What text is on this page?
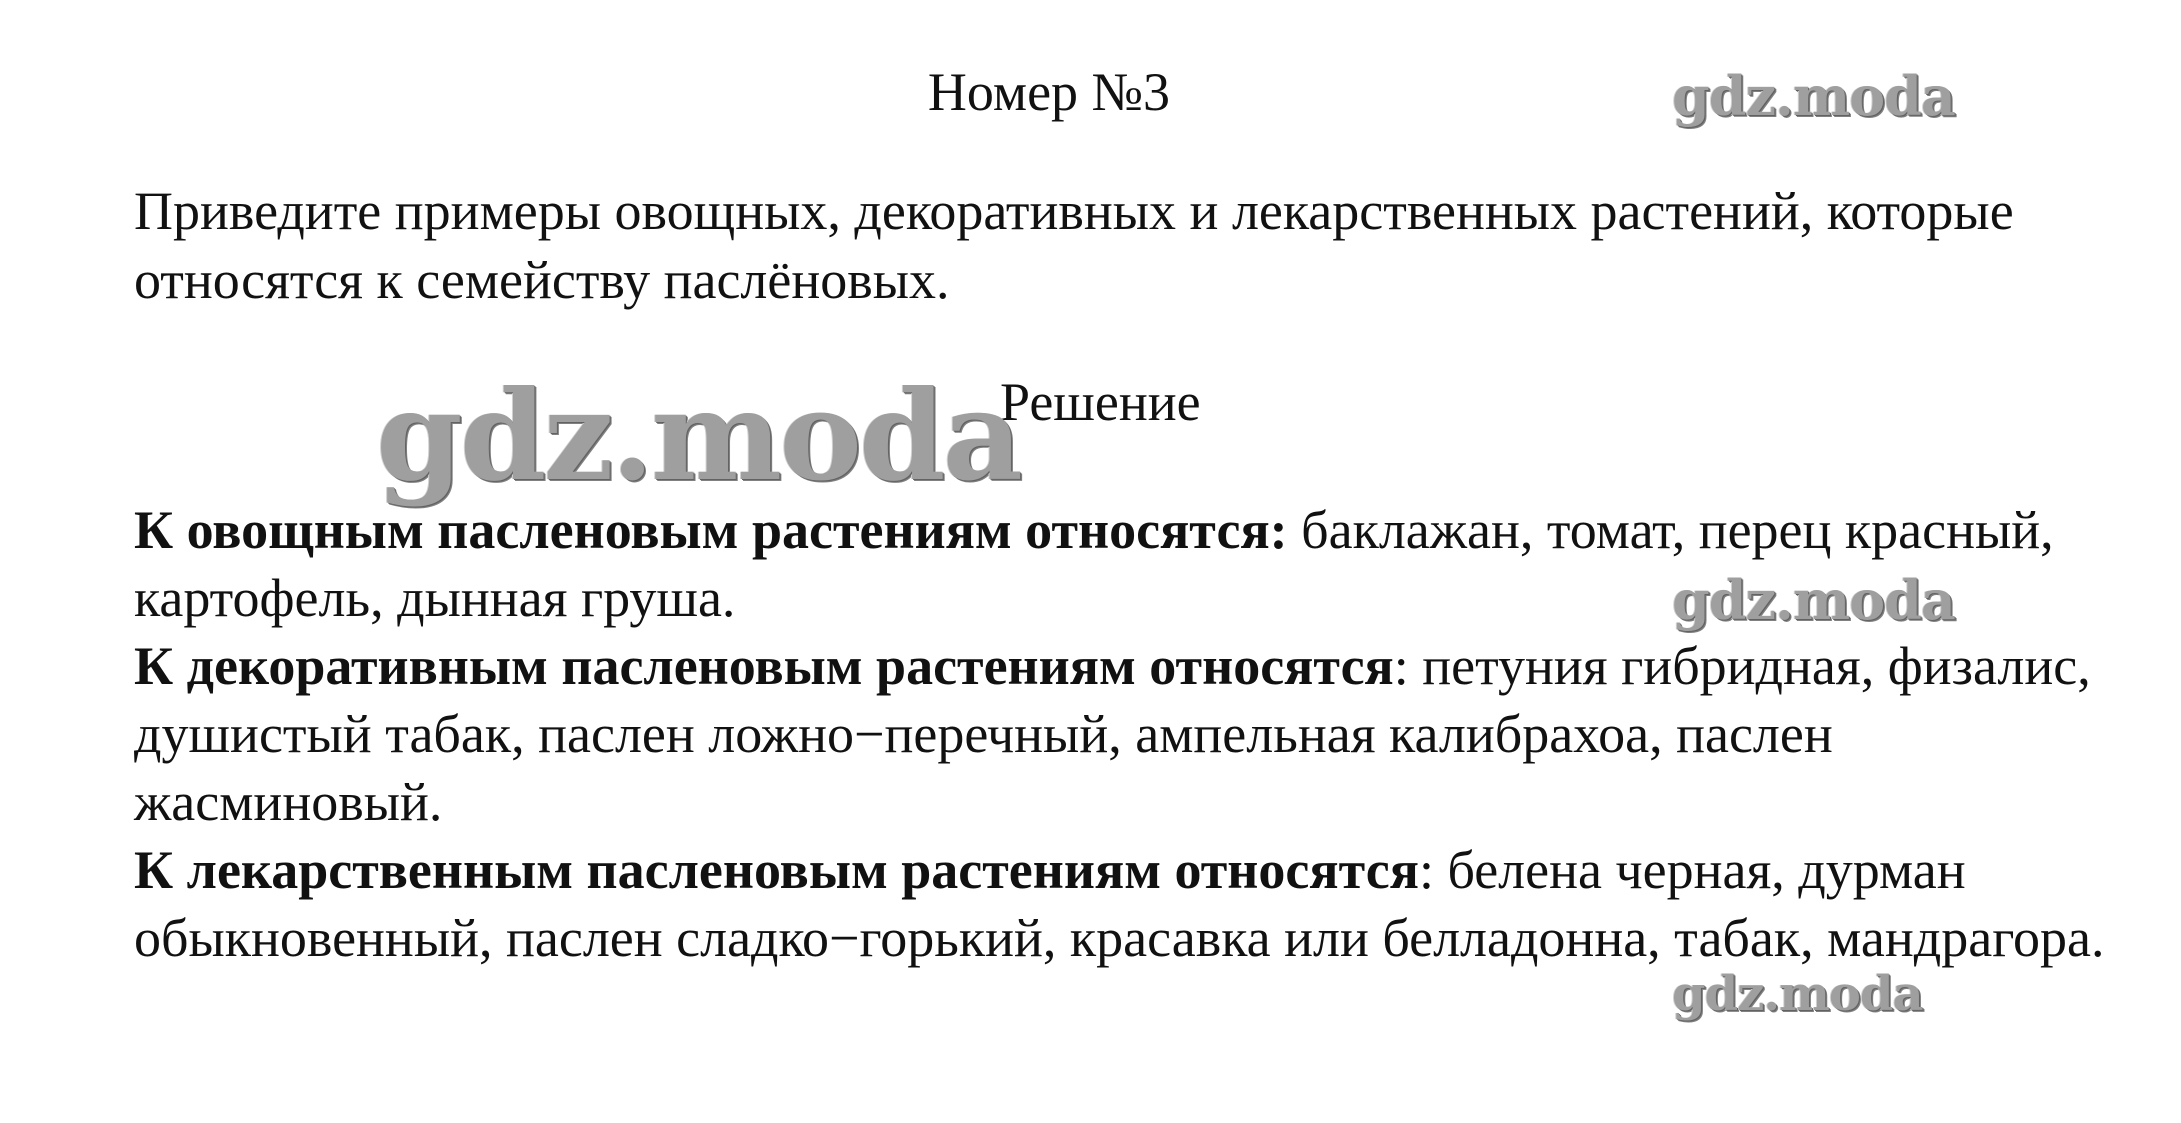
Номер №3
Приведите примеры овощных, декоративных и лекарственных растений, которые относятся к семейству паслёновых.
Решение

К овощным пасленовым растениям относятся: баклажан, томат, перец красный, картофель, дынная груша.

К декоративным пасленовым растениям относятся: петуния гибридная, физалис, душистый табак, паслен ложно−перечный, ампельная калибрахоа, паслен жасминовый.

К лекарственным пасленовым растениям относятся: белена черная, дурман обыкновенный, паслен сладко−горький, красавка или белладонна, табак, мандрагора.

gdz.moda
gdz.moda
gdz.moda
gdz.moda
